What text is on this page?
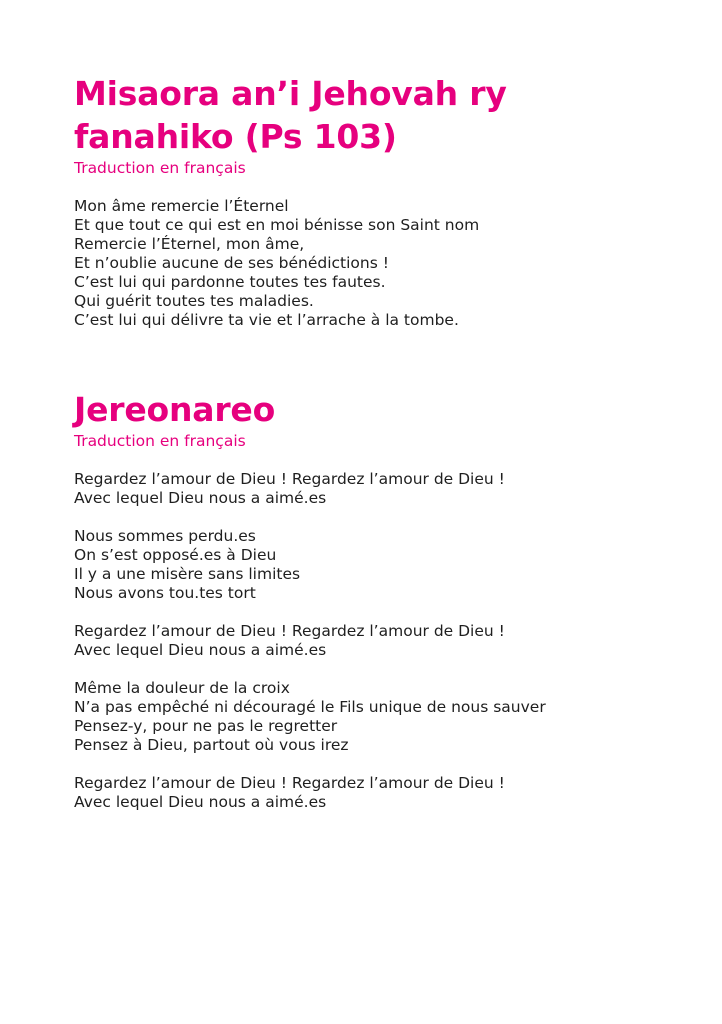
Misaora an’i Jehovah ry fanahiko (Ps 103)
Traduction en français

Mon âme remercie l’Éternel
Et que tout ce qui est en moi bénisse son Saint nom
Remercie l’Éternel, mon âme,
Et n’oublie aucune de ses bénédictions !
C’est lui qui pardonne toutes tes fautes.
Qui guérit toutes tes maladies.
C’est lui qui délivre ta vie et l’arrache à la tombe.

Jereonareo
Traduction en français

Regardez l’amour de Dieu ! Regardez l’amour de Dieu !
Avec lequel Dieu nous a aimé.es

Nous sommes perdu.es
On s’est opposé.es à Dieu
Il y a une misère sans limites
Nous avons tou.tes tort

Regardez l’amour de Dieu ! Regardez l’amour de Dieu !
Avec lequel Dieu nous a aimé.es

Même la douleur de la croix
N’a pas empêché ni découragé le Fils unique de nous sauver
Pensez-y, pour ne pas le regretter
Pensez à Dieu, partout où vous irez

Regardez l’amour de Dieu ! Regardez l’amour de Dieu !
Avec lequel Dieu nous a aimé.es
